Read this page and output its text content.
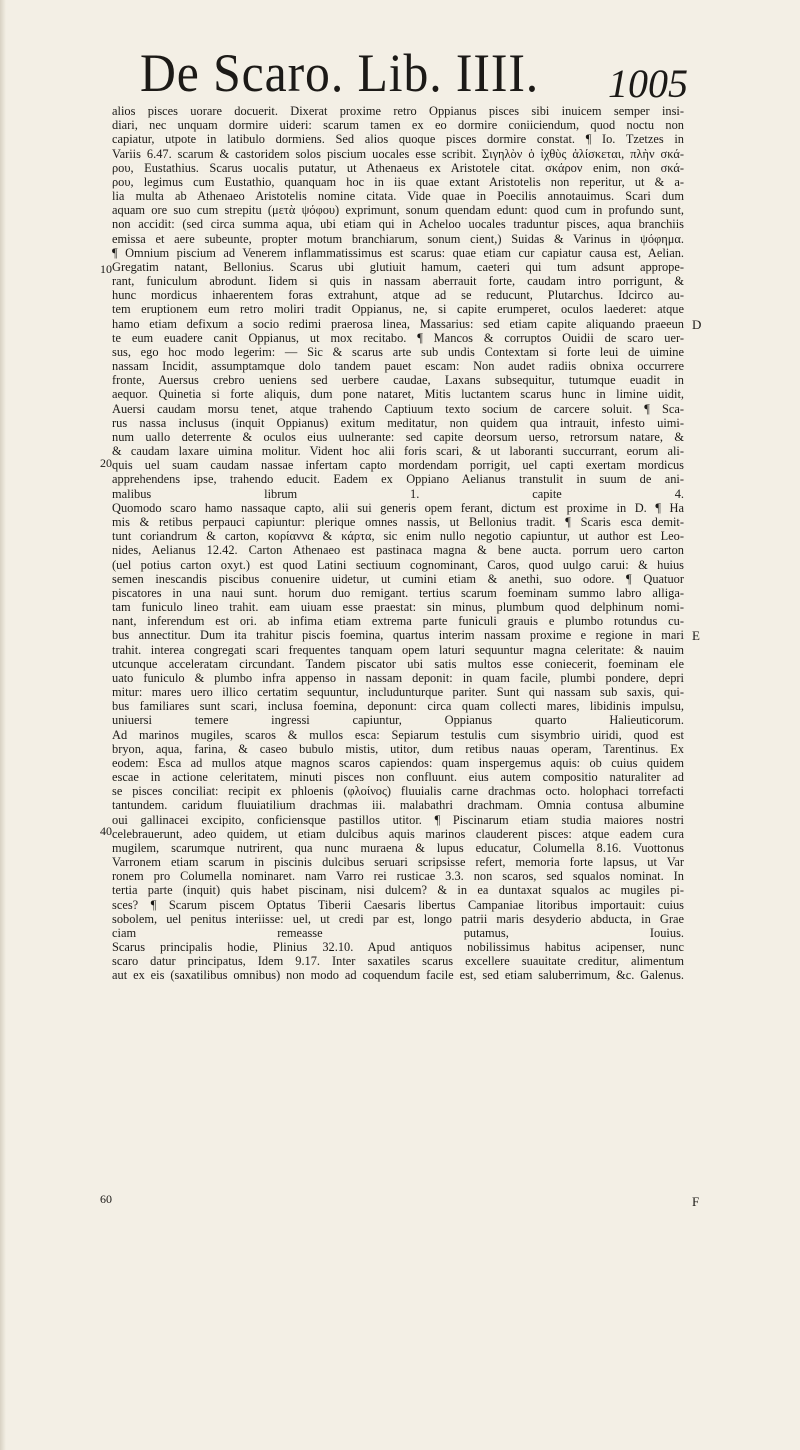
De Scaro. Lib. IIII. 1005
alios pisces uorare docuerit. Dixerat proxime retro Oppianus pisces sibi inuicem semper insi-
diari, nec unquam dormire uideri: scarum tamen ex eo dormire coniiciendum, quod noctu non
capiatur, utpote in latibulo dormiens. Sed alios quoque pisces dormire constat. ¶ Io. Tzetzes in
Variis 6.47. scarum & castoridem solos piscium uocales esse scribit. Σιγηλὸν ὁ ἰχθὺς ἀλίσκεται, πλὴν σκά-
ρου, Eustathius. Scarus uocalis putatur, ut Athenaeus ex Aristotele citat. σκάρον enim, non σκά-
ρου, legimus cum Eustathio, quanquam hoc in iis quae extant Aristotelis non reperitur, ut & a-
lia multa ab Athenaeo Aristotelis nomine citata. Vide quae in Poecilis annotauimus. Scari dum
aquam ore suo cum strepitu (μετὰ ψόφου) exprimunt, sonum quendam edunt: quod cum in profundo sunt,
non accidit: (sed circa summa aqua, ubi etiam qui in Acheloo uocales traduntur pisces, aqua branchiis
emissa et aere subeunte, propter motum branchiarum, sonum cient,) Suidas & Varinus in ψόφημα.
¶ Omnium piscium ad Venerem inflammatissimus est scarus: quae etiam cur capiatur causa est, Aelian.
Gregatim natant, Bellonius. Scarus ubi glutiuit hamum, caeteri qui tum adsunt apprope-
rant, funiculum abrodunt. Iidem si quis in nassam aberrauit forte, caudam intro porrigunt, &
hunc mordicus inhaerentem foras extrahunt, atque ad se reducunt, Plutarchus. Idcirco au-
tem eruptionem eum retro moliri tradit Oppianus, ne, si capite erumperet, oculos laederet: atque
hamo etiam defixum a socio redimi praerosa linea, Massarius: sed etiam capite aliquando praeeun
te eum euadere canit Oppianus, ut mox recitabo. ¶ Mancos & corruptos Ouidii de scaro uer-
sus, ego hoc modo legerim: — Sic & scarus arte sub undis Contextam si forte leui de uimine
nassam Incidit, assumptamque dolo tandem pauet escam: Non audet radiis obnixa occurrere
fronte, Auersus crebro ueniens sed uerbere caudae, Laxans subsequitur, tutumque euadit in
aequor. Quinetia si forte aliquis, dum pone nataret, Mitis luctantem scarus hunc in limine uidit,
Auersi caudam morsu tenet, atque trahendo Captiuum texto socium de carcere soluit. ¶ Sca-
rus nassa inclusus (inquit Oppianus) exitum meditatur, non quidem qua intrauit, infesto uimi-
num uallo deterrente & oculos eius uulnerante: sed capite deorsum uerso, retrorsum natare, &
& caudam laxare uimina molitur. Vident hoc alii foris scari, & ut laboranti succurrant, eorum ali-
quis uel suam caudam nassae infertam capto mordendam porrigit, uel capti exertam mordicus
apprehendens ipse, trahendo educit. Eadem ex Oppiano Aelianus transtulit in suum de ani-
malibus librum 1. capite 4.
Quomodo scaro hamo nassaque capto, alii sui generis opem ferant, dictum est proxime in D. ¶ Ha
mis & retibus perpauci capiuntur: plerique omnes nassis, ut Bellonius tradit. ¶ Scaris esca demit-
tunt coriandrum & carton, κορίαννα & κάρτα, sic enim nullo negotio capiuntur, ut author est Leo-
nides, Aelianus 12.42. Carton Athenaeo est pastinaca magna & bene aucta. porrum uero carton
(uel potius carton oxyt.) est quod Latini sectiuum cognominant, Caros, quod uulgo carui: & huius
semen inescandis piscibus conuenire uidetur, ut cumini etiam & anethi, suo odore. ¶ Quatuor
piscatores in una naui sunt. horum duo remigant. tertius scarum foeminam summo labro alliga-
tam funiculo lineo trahit. eam uiuam esse praestat: sin minus, plumbum quod delphinum nomi-
nant, inferendum est ori. ab infima etiam extrema parte funiculi grauis e plumbo rotundus cu-
bus annectitur. Dum ita trahitur piscis foemina, quartus interim nassam proxime e regione in mari
trahit. interea congregati scari frequentes tanquam opem laturi sequuntur magna celeritate: & nauim
utcunque acceleratam circundant. Tandem piscator ubi satis multos esse coniecerit, foeminam ele
uato funiculo & plumbo infra appenso in nassam deponit: in quam facile, plumbi pondere, depri
mitur: mares uero illico certatim sequuntur, includunturque pariter. Sunt qui nassam sub saxis, qui-
bus familiares sunt scari, inclusa foemina, deponunt: circa quam collecti mares, libidinis impulsu,
uniuersi temere ingressi capiuntur, Oppianus quarto Halieuticorum.
Ad marinos mugiles, scaros & mullos esca: Sepiarum testulis cum sisymbrio uiridi, quod est
bryon, aqua, farina, & caseo bubulo mistis, utitor, dum retibus nauas operam, Tarentinus. Ex
eodem: Esca ad mullos atque magnos scaros capiendos: quam inspergemus aquis: ob cuius quidem
escae in actione celeritatem, minuti pisces non confluunt. eius autem compositio naturaliter ad
se pisces conciliat: recipit ex phloenis (φλοίνος) fluuialis carne drachmas octo. holophaci torrefacti
tantundem. caridum fluuiatilium drachmas iii. malabathri drachmam. Omnia contusa albumine
oui gallinacei excipito, conficiensque pastillos utitor. ¶ Piscinarum etiam studia maiores nostri
celebrauerunt, adeo quidem, ut etiam dulcibus aquis marinos clauderent pisces: atque eadem cura
mugilem, scarumque nutrirent, qua nunc muraena & lupus educatur, Columella 8.16. Vuottonus
Varronem etiam scarum in piscinis dulcibus seruari scripsisse refert, memoria forte lapsus, ut Var
ronem pro Columella nominaret. nam Varro rei rusticae 3.3. non scaros, sed squalos nominat. In
tertia parte (inquit) quis habet piscinam, nisi dulcem? & in ea duntaxat squalos ac mugiles pi-
sces? ¶ Scarum piscem Optatus Tiberii Caesaris libertus Campaniae litoribus importauit: cuius
sobolem, uel penitus interiisse: uel, ut credi par est, longo patrii maris desyderio abducta, in Grae
ciam remeasse putamus, Iouius.
Scarus principalis hodie, Plinius 32.10. Apud antiquos nobilissimus habitus acipenser, nunc
scaro datur principatus, Idem 9.17. Inter saxatiles scarus excellere suauitate creditur, alimentum
aut ex eis (saxatilibus omnibus) non modo ad coquendum facile est, sed etiam saluberrimum, &c. Galenus.
10
20
40
60
D
E
F
